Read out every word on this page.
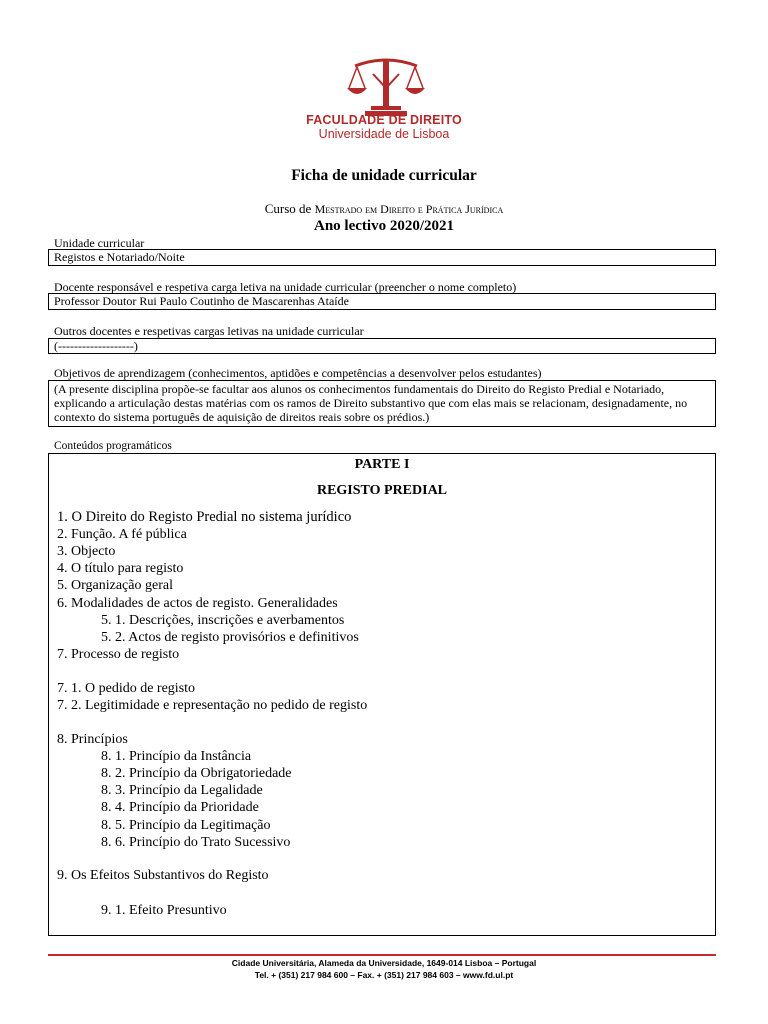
FACULDADE DE DIREITO
Universidade de Lisboa
Ficha de unidade curricular
Curso de Mestrado em Direito e Prática Jurídica
Ano lectivo 2020/2021
Unidade curricular
Registos e Notariado/Noite
Docente responsável e respetiva carga letiva na unidade curricular (preencher o nome completo)
Professor Doutor Rui Paulo Coutinho de Mascarenhas Ataíde
Outros docentes e respetivas cargas letivas na unidade curricular
(-------------------)
Objetivos de aprendizagem (conhecimentos, aptidões e competências a desenvolver pelos estudantes)
(A presente disciplina propõe-se facultar aos alunos os conhecimentos fundamentais do Direito do Registo Predial e Notariado, explicando a articulação destas matérias com os ramos de Direito substantivo que com elas mais se relacionam, designadamente, no contexto do sistema português de aquisição de direitos reais sobre os prédios.)
Conteúdos programáticos
PARTE I
REGISTO PREDIAL
1. O Direito do Registo Predial no sistema jurídico
2. Função. A fé pública
3. Objecto
4. O título para registo
5. Organização geral
6. Modalidades de actos de registo. Generalidades
5. 1. Descrições, inscrições e averbamentos
5. 2. Actos de registo provisórios e definitivos
7. Processo de registo
7. 1. O pedido de registo
7. 2. Legitimidade e representação no pedido de registo
8. Princípios
8. 1. Princípio da Instância
8. 2. Princípio da Obrigatoriedade
8. 3. Princípio da Legalidade
8. 4. Princípio da Prioridade
8. 5. Princípio da Legitimação
8. 6. Princípio do Trato Sucessivo
9. Os Efeitos Substantivos do Registo
9. 1. Efeito Presuntivo
Cidade Universitária, Alameda da Universidade, 1649-014 Lisboa – Portugal
Tel. + (351) 217 984 600 – Fax. + (351) 217 984 603 – www.fd.ul.pt
